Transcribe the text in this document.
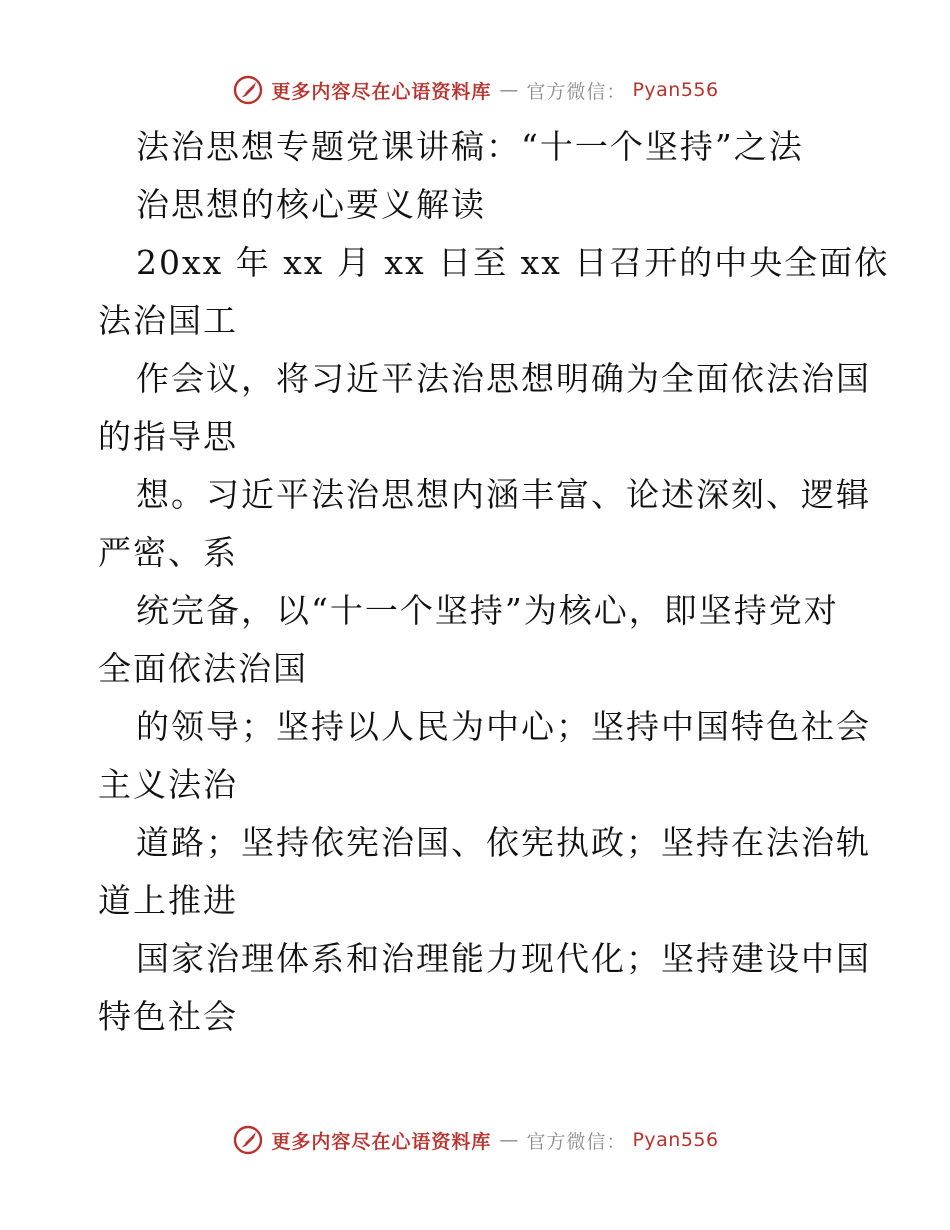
更多内容尽在心语资料库 — 官方微信： Pyan556
法治思想专题党课讲稿：“十一个坚持”之法
治思想的核心要义解读
20xx 年 xx 月 xx 日至 xx 日召开的中央全面依
法治国工
作会议，将习近平法治思想明确为全面依法治国
的指导思
想。习近平法治思想内涵丰富、论述深刻、逻辑
严密、系
统完备，以“十一个坚持”为核心，即坚持党对
全面依法治国
的领导；坚持以人民为中心；坚持中国特色社会
主义法治
道路；坚持依宪治国、依宪执政；坚持在法治轨
道上推进
国家治理体系和治理能力现代化；坚持建设中国
特色社会
更多内容尽在心语资料库 — 官方微信： Pyan556
